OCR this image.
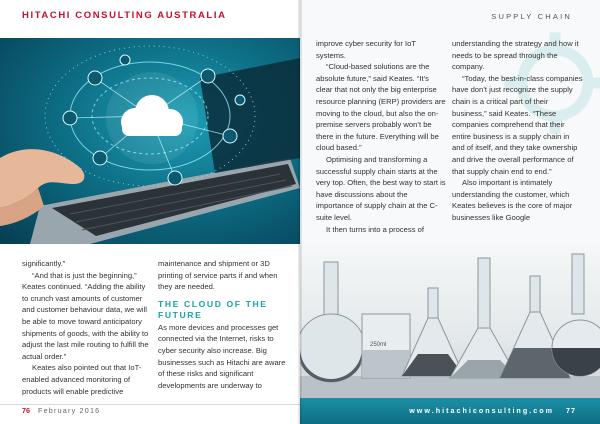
HITACHI CONSULTING AUSTRALIA

significantly.”

“And that is just the beginning,” Keates continued. “Adding the ability to crunch vast amounts of customer and customer behaviour data, we will be able to move toward anticipatory shipments of goods, with the ability to adjust the last mile routing to fulfill the actual order.”

Keates also pointed out that IoT-enabled advanced monitoring of products will enable predictive

maintenance and shipment or 3D printing of service parts if and when they are needed.

THE CLOUD OF THE
FUTURE

As more devices and processes get connected via the Internet, risks to cyber security also increase. Big businesses such as Hitachi are aware of these risks and significant developments are underway to

76 February 2016
SUPPLY CHAIN

improve cyber security for IoT systems.

“Cloud-based solutions are the absolute future,” said Keates. “It’s clear that not only the big enterprise resource planning (ERP) providers are moving to the cloud, but also the on-premise servers probably won’t be there in the future. Everything will be cloud based.”

Optimising and transforming a successful supply chain starts at the very top. Often, the best way to start is have discussions about the importance of supply chain at the C-suite level.

It then turns into a process of

understanding the strategy and how it needs to be spread through the company.

“Today, the best-in-class companies have don’t just recognize the supply chain is a critical part of their business,” said Keates. “These companies comprehend that their entire business is a supply chain in and of itself, and they take ownership and drive the overall performance of that supply chain end to end.”

Also important is intimately understanding the customer, which Keates believes is the core of major businesses like Google

250ml
www.hitachiconsulting.com 77
